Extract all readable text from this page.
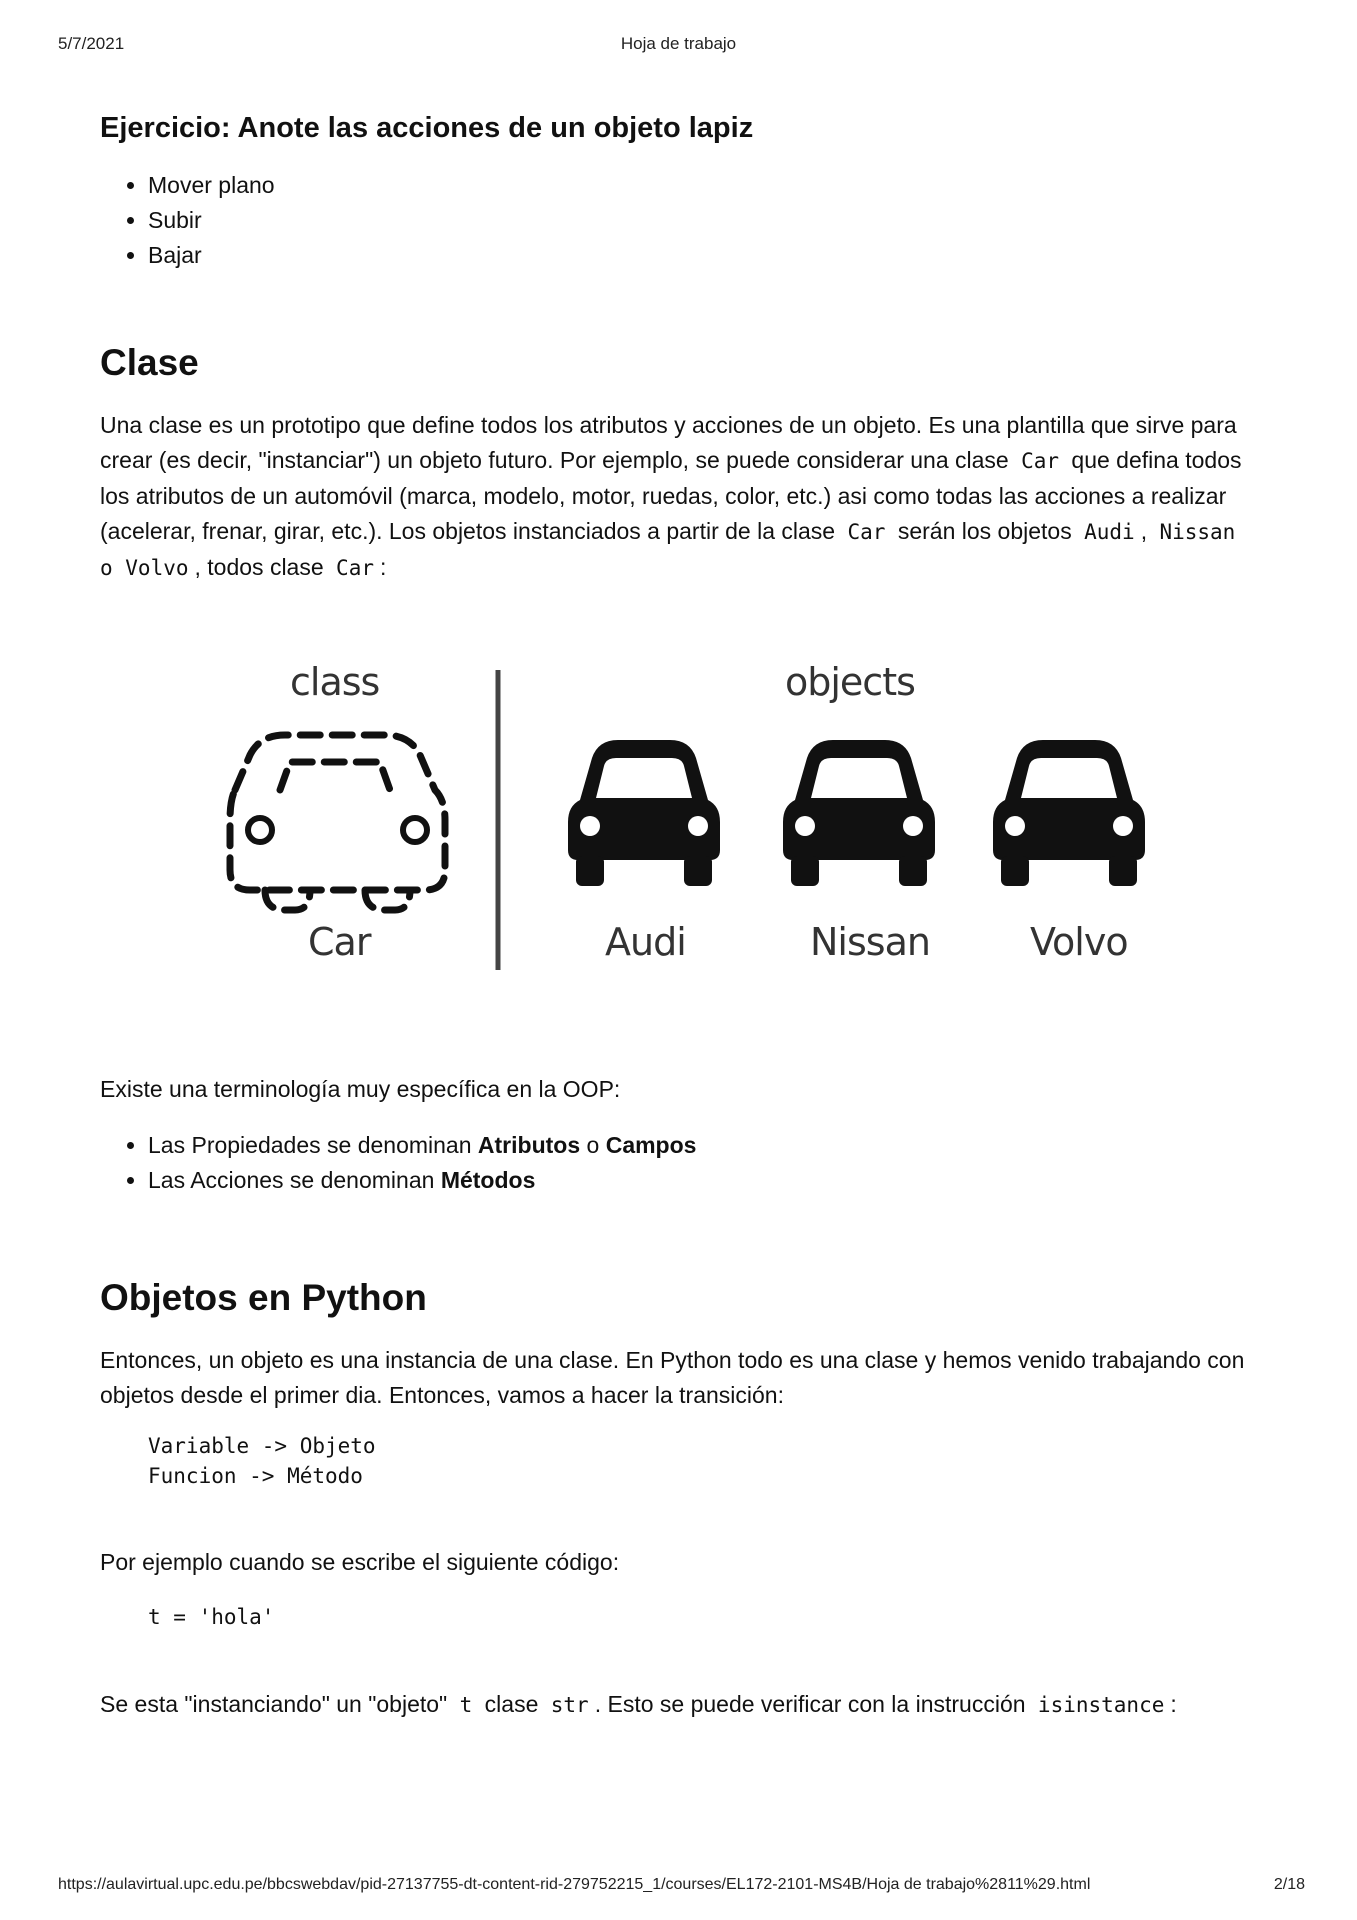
5/7/2021	Hoja de trabajo
Ejercicio: Anote las acciones de un objeto lapiz
• Mover plano
• Subir
• Bajar
Clase

Una clase es un prototipo que define todos los atributos y acciones de un objeto. Es una plantilla que sirve para crear (es decir, "instanciar") un objeto futuro. Por ejemplo, se puede considerar una clase Car que defina todos los atributos de un automóvil (marca, modelo, motor, ruedas, color, etc.) asi como todas las acciones a realizar (acelerar, frenar, girar, etc.). Los objetos instanciados a partir de la clase Car serán los objetos Audi , Nissan o Volvo , todos clase Car :

Existe una terminología muy específica en la OOP:

• Las Propiedades se denominan Atributos o Campos
• Las Acciones se denominan Métodos
Objetos en Python

Entonces, un objeto es una instancia de una clase. En Python todo es una clase y hemos venido trabajando con objetos desde el primer dia. Entonces, vamos a hacer la transición:

Variable -> Objeto
Funcion -> Método

Por ejemplo cuando se escribe el siguiente código:

t = 'hola'

Se esta "instanciando" un "objeto" t clase str . Esto se puede verificar con la instrucción isinstance :

class	objects
Car	Audi	Nissan	Volvo
https://aulavirtual.upc.edu.pe/bbcswebdav/pid-27137755-dt-content-rid-279752215_1/courses/EL172-2101-MS4B/Hoja de trabajo%2811%29.html	2/18
